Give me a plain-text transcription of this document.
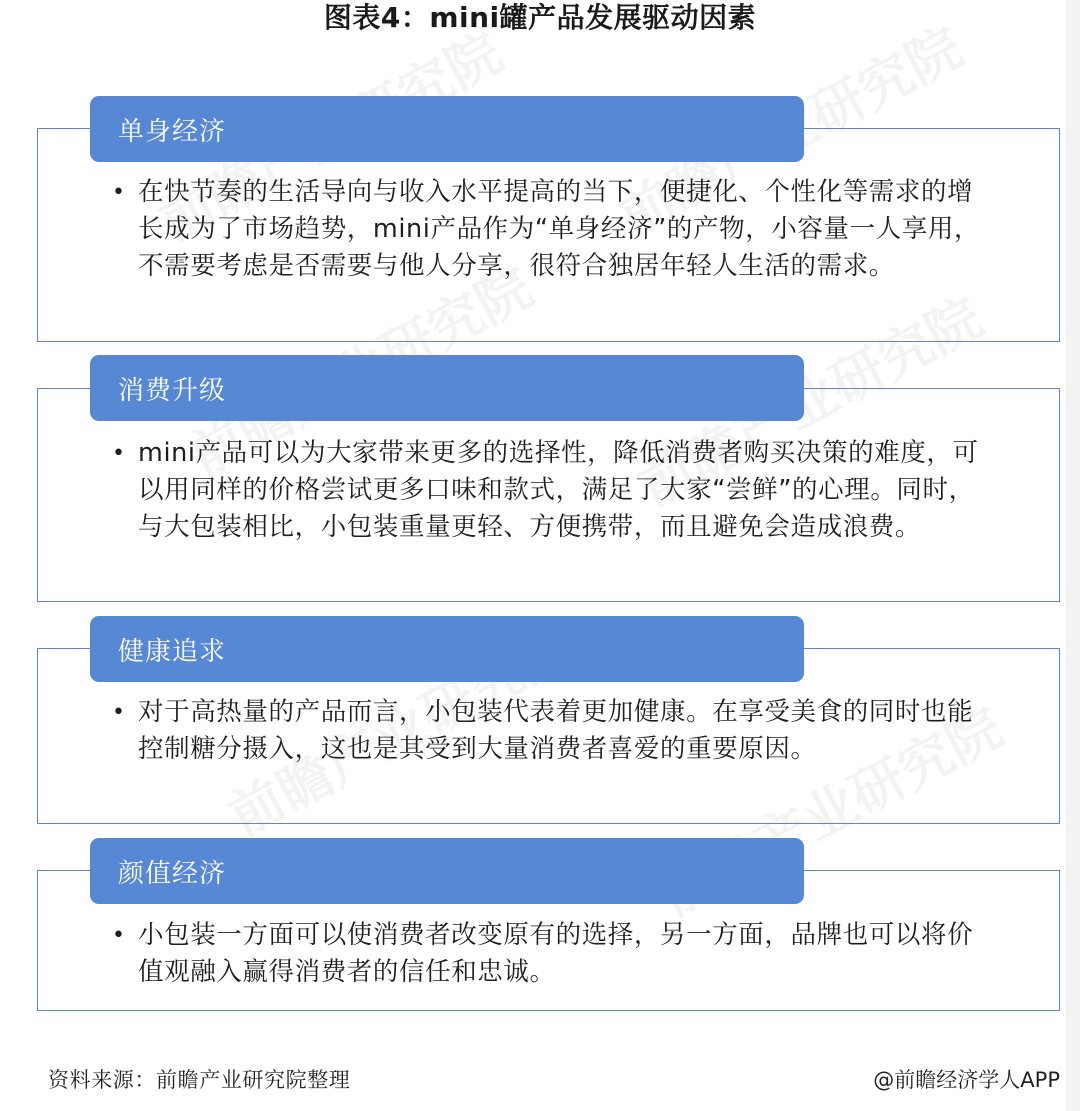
图表4：mini罐产品发展驱动因素
单身经济
• 在快节奏的生活导向与收入水平提高的当下，便捷化、个性化等需求的增长成为了市场趋势，mini产品作为“单身经济”的产物，小容量一人享用，不需要考虑是否需要与他人分享，很符合独居年轻人生活的需求。
消费升级
• mini产品可以为大家带来更多的选择性，降低消费者购买决策的难度，可以用同样的价格尝试更多口味和款式，满足了大家“尝鲜”的心理。同时，与大包装相比，小包装重量更轻、方便携带，而且避免会造成浪费。
健康追求
• 对于高热量的产品而言，小包装代表着更加健康。在享受美食的同时也能控制糖分摄入，这也是其受到大量消费者喜爱的重要原因。
颜值经济
• 小包装一方面可以使消费者改变原有的选择，另一方面，品牌也可以将价值观融入赢得消费者的信任和忠诚。
资料来源：前瞻产业研究院整理	@前瞻经济学人APP
